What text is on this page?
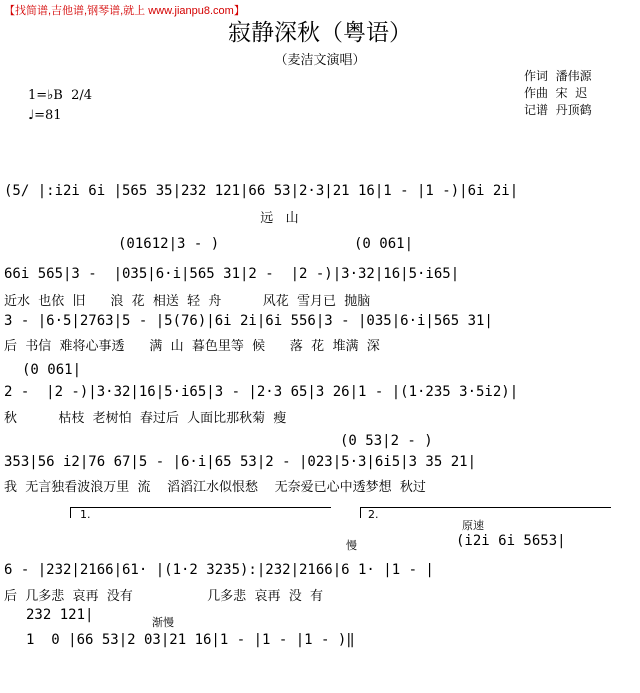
【找简谱,吉他谱,钢琴谱,就上 www.jianpu8.com】
寂静深秋（粤语）
（麦洁文演唱）
作词  潘伟源
作曲  宋  迟
记谱  丹顶鹤
1=♭B  2/4
♩=81
(5/ |:i2i 6i |565 35|232 121|66 53|2·3|21 16|1 - |1 -)|6i 2i|
远   山
(01612|3 - )                (0 061|
66i 565|3 -  |035|6·i|565 31|2 -  |2 -)|3·32|16|5·i65|
近水  也依  旧      浪  花  相送  轻  舟          风花  雪月已  抛脑
3 - |6·5|2763|5 - |5(76)|6i 2i|6i 556|3 - |035|6·i|565 31|
后  书信  难将心事透      满  山  暮色里等  候      落  花  堆满  深
(0 061|
2 -  |2 -)|3·32|16|5·i65|3 - |2·3 65|3 26|1 - |(1·235 3·5i2)|
秋          枯枝  老树怕  春过后  人面比那秋菊  瘦
(0 53|2 - )
353|56 i2|76 67|5 - |6·i|65 53|2 - |023|5·3|6i5|3 35 21|
我  无言独看波浪万里  流    滔滔江水似恨愁    无奈爱已心中透梦想  秋过
1.	2.
原速
慢	(i2i 6i 5653|
6 - |232|2166|61· |(1·2 3235):|232|2166|6 1· |1 - |
后  几多悲  哀再  没有                  几多悲  哀再  没  有
232 121|	渐慢
1  0 |66 53|2 03|21 16|1 - |1 - |1 - )‖
